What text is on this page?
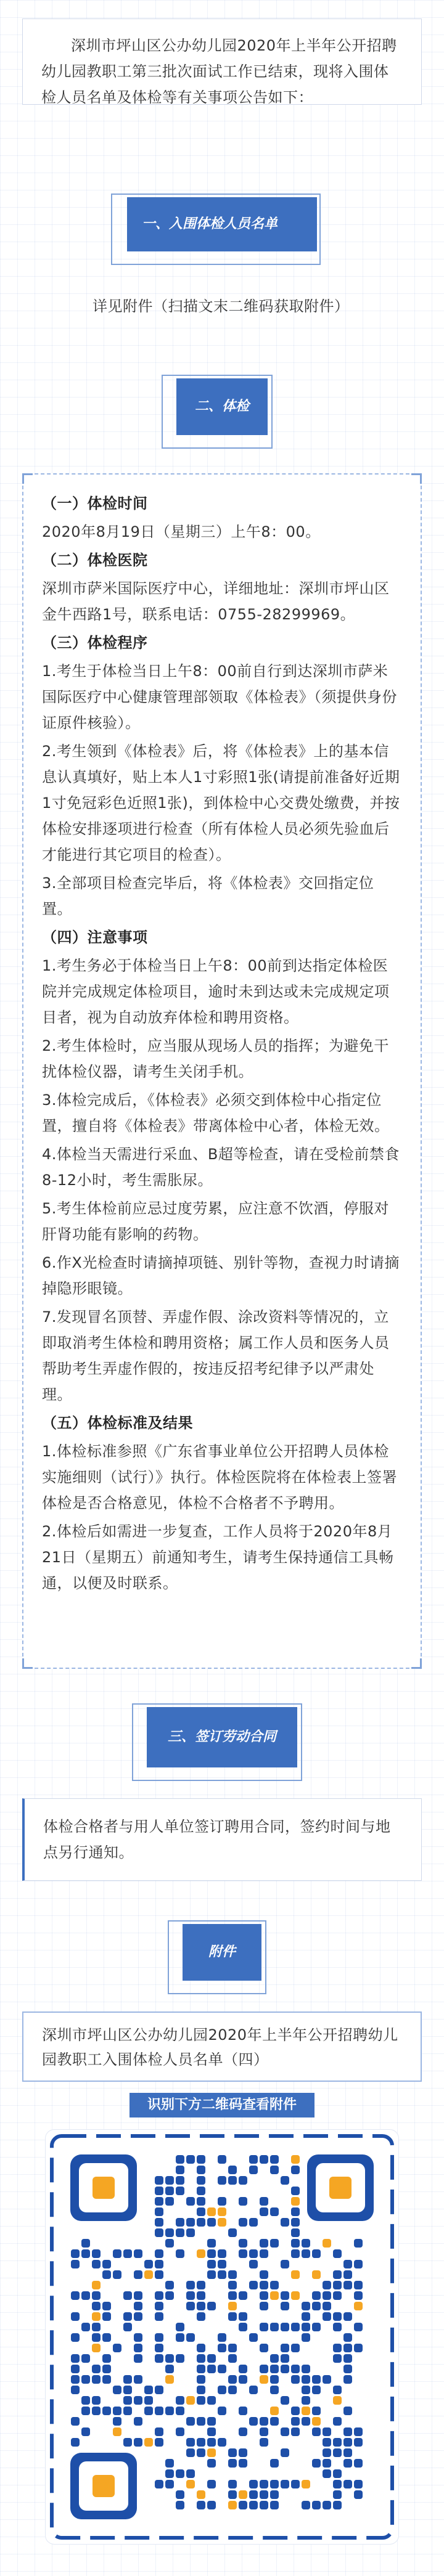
深圳市坪山区公办幼儿园2020年上半年公开招聘幼儿园教职工第三批次面试工作已结束，现将入围体检人员名单及体检等有关事项公告如下：

一、入围体检人员名单

详见附件（扫描文末二维码获取附件）

二、体检

（一）体检时间

2020年8月19日（星期三）上午8：00。

（二）体检医院

深圳市萨米国际医疗中心，详细地址：深圳市坪山区金牛西路1号，联系电话：0755-28299969。

（三）体检程序

1.考生于体检当日上午8：00前自行到达深圳市萨米国际医疗中心健康管理部领取《体检表》（须提供身份证原件核验）。

2.考生领到《体检表》后，将《体检表》上的基本信息认真填好，贴上本人1寸彩照1张(请提前准备好近期1寸免冠彩色近照1张)，到体检中心交费处缴费，并按体检安排逐项进行检查（所有体检人员必须先验血后才能进行其它项目的检查）。

3.全部项目检查完毕后，将《体检表》交回指定位置。

（四）注意事项

1.考生务必于体检当日上午8：00前到达指定体检医院并完成规定体检项目，逾时未到达或未完成规定项目者，视为自动放弃体检和聘用资格。

2.考生体检时，应当服从现场人员的指挥；为避免干扰体检仪器，请考生关闭手机。

3.体检完成后，《体检表》必须交到体检中心指定位置，擅自将《体检表》带离体检中心者，体检无效。

4.体检当天需进行采血、B超等检查，请在受检前禁食8-12小时，考生需胀尿。

5.考生体检前应忌过度劳累，应注意不饮酒，停服对肝肾功能有影响的药物。

6.作X光检查时请摘掉项链、别针等物，查视力时请摘掉隐形眼镜。

7.发现冒名顶替、弄虚作假、涂改资料等情况的，立即取消考生体检和聘用资格；属工作人员和医务人员帮助考生弄虚作假的，按违反招考纪律予以严肃处理。

（五）体检标准及结果

1.体检标准参照《广东省事业单位公开招聘人员体检实施细则（试行）》执行。体检医院将在体检表上签署体检是否合格意见，体检不合格者不予聘用。

2.体检后如需进一步复查，工作人员将于2020年8月21日（星期五）前通知考生，请考生保持通信工具畅通，以便及时联系。

三、签订劳动合同

体检合格者与用人单位签订聘用合同，签约时间与地点另行通知。

附件

深圳市坪山区公办幼儿园2020年上半年公开招聘幼儿园教职工入围体检人员名单（四）

识别下方二维码查看附件
